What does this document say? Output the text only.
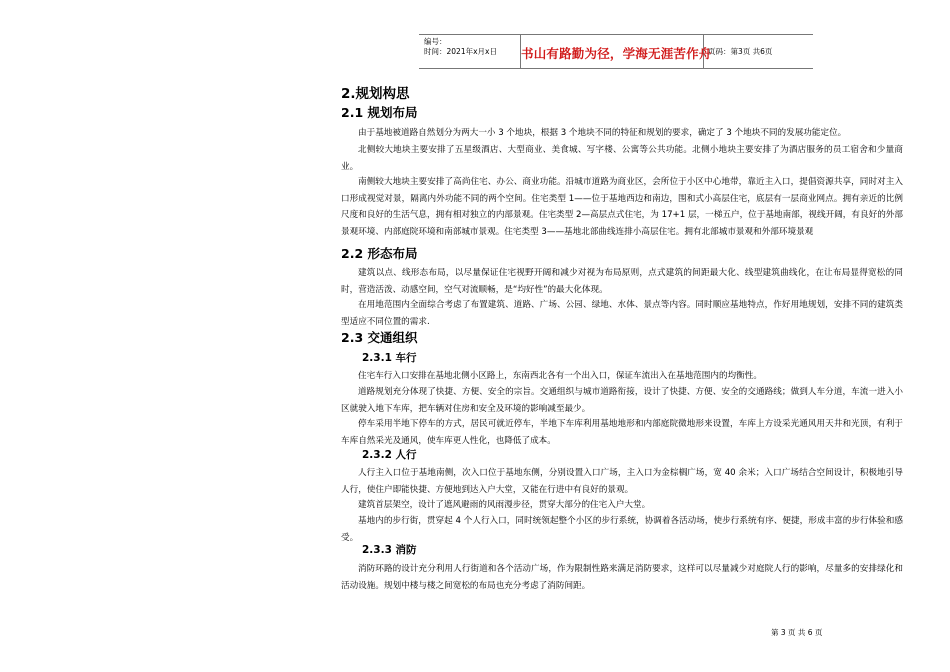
编号：
时间：2021年x月x日 书山有路勤为径，学海无涯苦作舟
页码：第3页 共6页
2.规划构思
2.1 规划布局

由于基地被道路自然划分为两大一小 3 个地块，根据 3 个地块不同的特征和规划的要求，确定了 3 个地块不同的发展功能定位。

北侧较大地块主要安排了五星级酒店、大型商业、美食城、写字楼、公寓等公共功能。北侧小地块主要安排了为酒店服务的员工宿舍和少量商业。

南侧较大地块主要安排了高尚住宅、办公、商业功能。沿城市道路为商业区，会所位于小区中心地带，靠近主入口，提倡资源共享，同时对主入口形成视觉对景，隔离内外功能不同的两个空间。住宅类型 1——位于基地西边和南边，围和式小高层住宅，底层有一层商业网点。拥有亲近的比例尺度和良好的生活气息，拥有相对独立的内部景观。住宅类型 2—高层点式住宅，为 17+1 层，一梯五户，位于基地南部，视线开阔，有良好的外部景观环境、内部庭院环境和南部城市景观。住宅类型 3——基地北部曲线连排小高层住宅。拥有北部城市景观和外部环境景观

2.2 形态布局

建筑以点、线形态布局，以尽量保证住宅视野开阔和减少对视为布局原则，点式建筑的间距最大化、线型建筑曲线化，在让布局显得宽松的同时，营造活泼、动感空间，空气对流顺畅，是“均好性”的最大化体现。

在用地范围内全面综合考虑了布置建筑、道路、广场、公园、绿地、水体、景点等内容。同时顺应基地特点，作好用地规划，安排不同的建筑类型适应不同位置的需求.

2.3 交通组织
2.3.1 车行

住宅车行入口安排在基地北侧小区路上，东南西北各有一个出入口，保证车流出入在基地范围内的均衡性。

道路规划充分体现了快捷、方便、安全的宗旨。交通组织与城市道路衔接，设计了快捷、方便、安全的交通路线；做到人车分道，车流一进入小区就驶入地下车库，把车辆对住房和安全及环境的影响减至最少。

停车采用半地下停车的方式，居民可就近停车，半地下车库利用基地地形和内部庭院微地形来设置，车库上方设采光通风用天井和光顶，有利于车库自然采光及通风，使车库更人性化，也降低了成本。

2.3.2 人行

人行主入口位于基地南侧，次入口位于基地东侧，分别设置入口广场，主入口为金棕榈广场，宽 40 余米；入口广场结合空间设计，积极地引导人行，使住户即能快捷、方便地到达入户大堂，又能在行进中有良好的景观。

建筑首层架空，设计了遮风避雨的风雨漫步径，贯穿大部分的住宅入户大堂。

基地内的步行街，贯穿起 4 个人行入口，同时统领起整个小区的步行系统，协调着各活动场，使步行系统有序、便捷，形成丰富的步行体验和感受。

2.3.3 消防

消防环路的设计充分利用人行街道和各个活动广场，作为限制性路来满足消防要求，这样可以尽量减少对庭院人行的影响，尽量多的安排绿化和活动设施。规划中楼与楼之间宽松的布局也充分考虑了消防间距。

第 3 页 共 6 页
